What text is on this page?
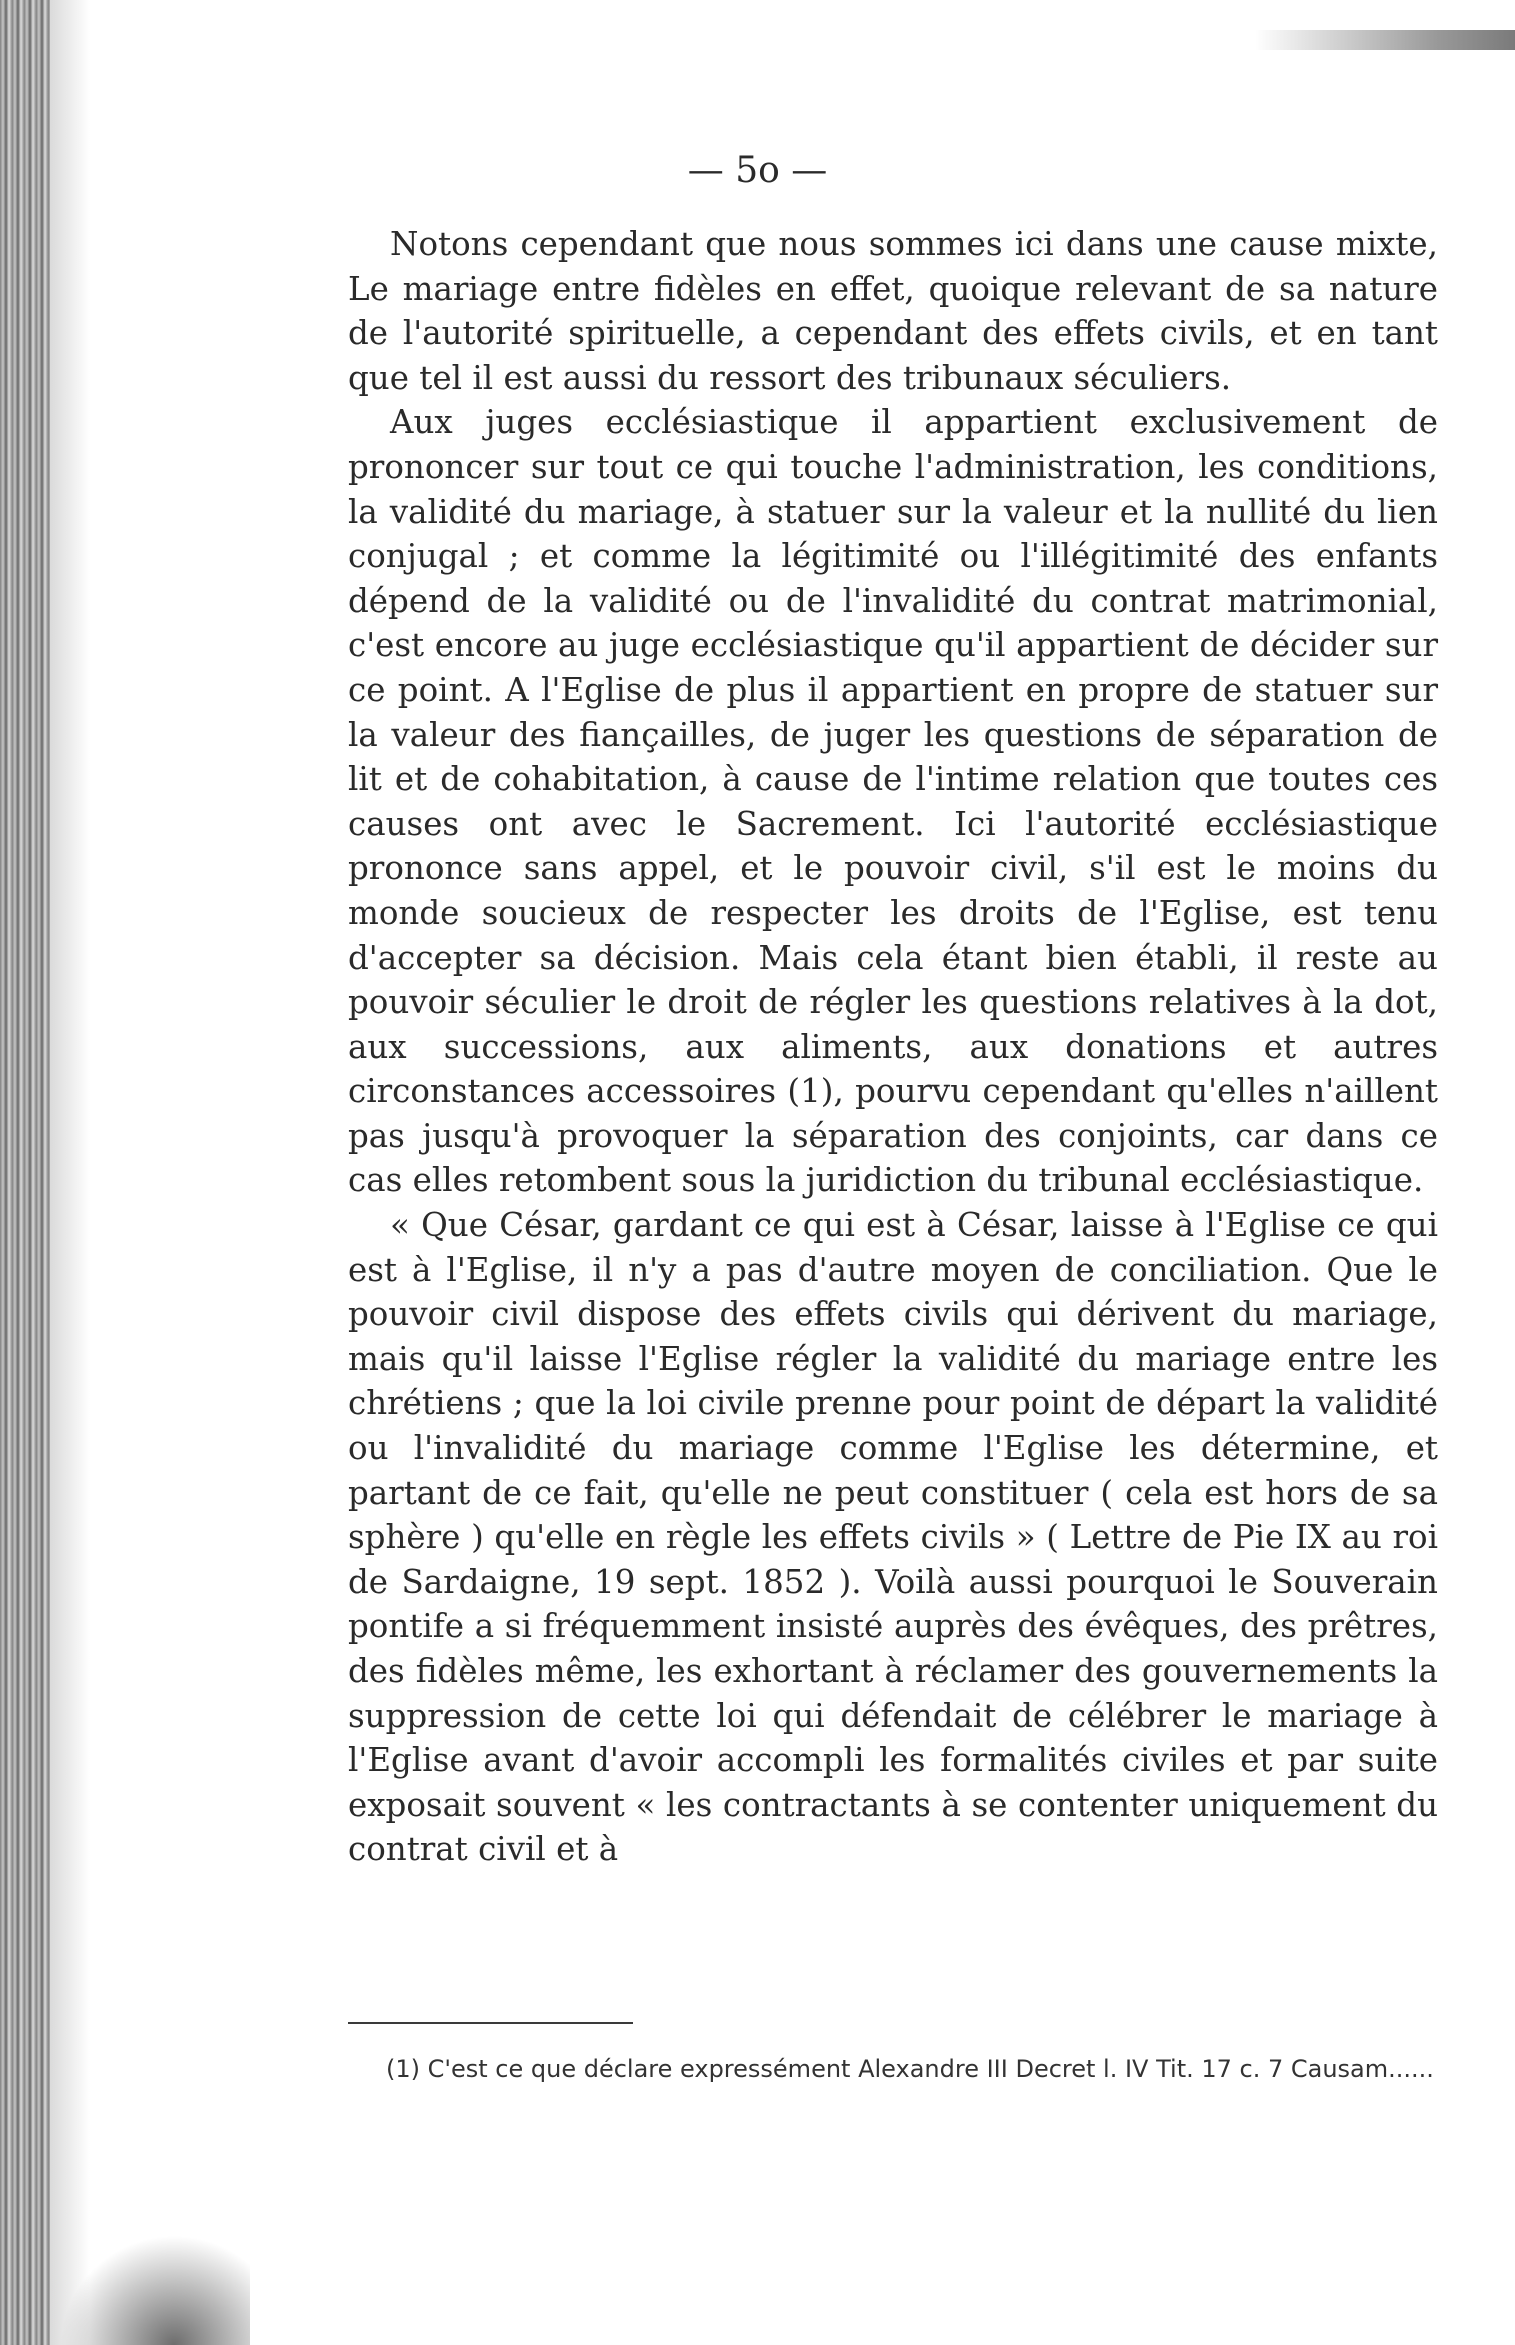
— 5o —

Notons cependant que nous sommes ici dans une cause mixte, Le mariage entre fidèles en effet, quoique relevant de sa nature de l'autorité spirituelle, a cependant des effets civils, et en tant que tel il est aussi du ressort des tribunaux séculiers.

Aux juges ecclésiastique il appartient exclusivement de prononcer sur tout ce qui touche l'administration, les conditions, la validité du mariage, à statuer sur la valeur et la nullité du lien conjugal ; et comme la légitimité ou l'illégitimité des enfants dépend de la validité ou de l'invalidité du contrat matrimonial, c'est encore au juge ecclésiastique qu'il appartient de décider sur ce point. A l'Eglise de plus il appartient en propre de statuer sur la valeur des fiançailles, de juger les questions de séparation de lit et de cohabitation, à cause de l'intime relation que toutes ces causes ont avec le Sacrement. Ici l'autorité ecclésiastique prononce sans appel, et le pouvoir civil, s'il est le moins du monde soucieux de respecter les droits de l'Eglise, est tenu d'accepter sa décision. Mais cela étant bien établi, il reste au pouvoir séculier le droit de régler les questions relatives à la dot, aux successions, aux aliments, aux donations et autres circonstances accessoires (1), pourvu cependant qu'elles n'aillent pas jusqu'à provoquer la séparation des conjoints, car dans ce cas elles retombent sous la juridiction du tribunal ecclésiastique.

« Que César, gardant ce qui est à César, laisse à l'Eglise ce qui est à l'Eglise, il n'y a pas d'autre moyen de conciliation. Que le pouvoir civil dispose des effets civils qui dérivent du mariage, mais qu'il laisse l'Eglise régler la validité du mariage entre les chrétiens ; que la loi civile prenne pour point de départ la validité ou l'invalidité du mariage comme l'Eglise les détermine, et partant de ce fait, qu'elle ne peut constituer ( cela est hors de sa sphère ) qu'elle en règle les effets civils » ( Lettre de Pie IX au roi de Sardaigne, 19 sept. 1852 ). Voilà aussi pourquoi le Souverain pontife a si fréquemment insisté auprès des évêques, des prêtres, des fidèles même, les exhortant à réclamer des gouvernements la suppression de cette loi qui défendait de célébrer le mariage à l'Eglise avant d'avoir accompli les formalités civiles et par suite exposait souvent « les contractants à se contenter uniquement du contrat civil et à

(1) C'est ce que déclare expressément Alexandre III Decret l. IV Tit. 17 c. 7 Causam......
